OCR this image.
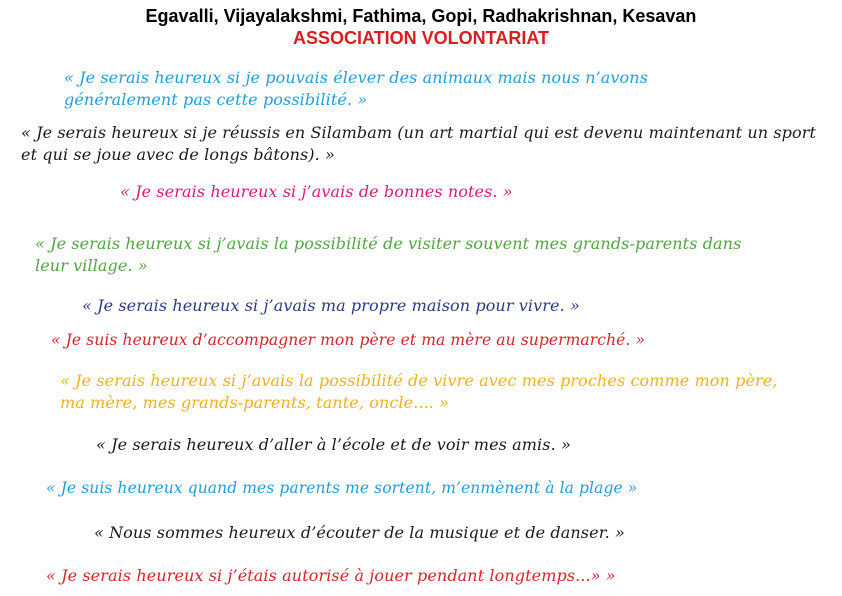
Egavalli, Vijayalakshmi, Fathima, Gopi, Radhakrishnan, Kesavan
ASSOCIATION VOLONTARIAT

« Je serais heureux si je pouvais élever des animaux mais nous n’avons généralement pas cette possibilité. »

« Je serais heureux si je réussis en Silambam (un art martial qui est devenu maintenant un sport et qui se joue avec de longs bâtons). »

« Je serais heureux si j’avais de bonnes notes. »

« Je serais heureux si j’avais la possibilité de visiter souvent mes grands-parents dans leur village. »

« Je serais heureux si j’avais ma propre maison pour vivre. »

« Je suis heureux d’accompagner mon père et ma mère au supermarché. »

« Je serais heureux si j’avais la possibilité de vivre avec mes proches comme mon père, ma mère, mes grands-parents, tante, oncle.... »

« Je serais heureux d’aller à l’école et de voir mes amis. »

« Je suis heureux quand mes parents me sortent, m’enmènent à la plage »

« Nous sommes heureux d’écouter de la musique et de danser. »

« Je serais heureux si j’étais autorisé à jouer pendant longtemps...» »
